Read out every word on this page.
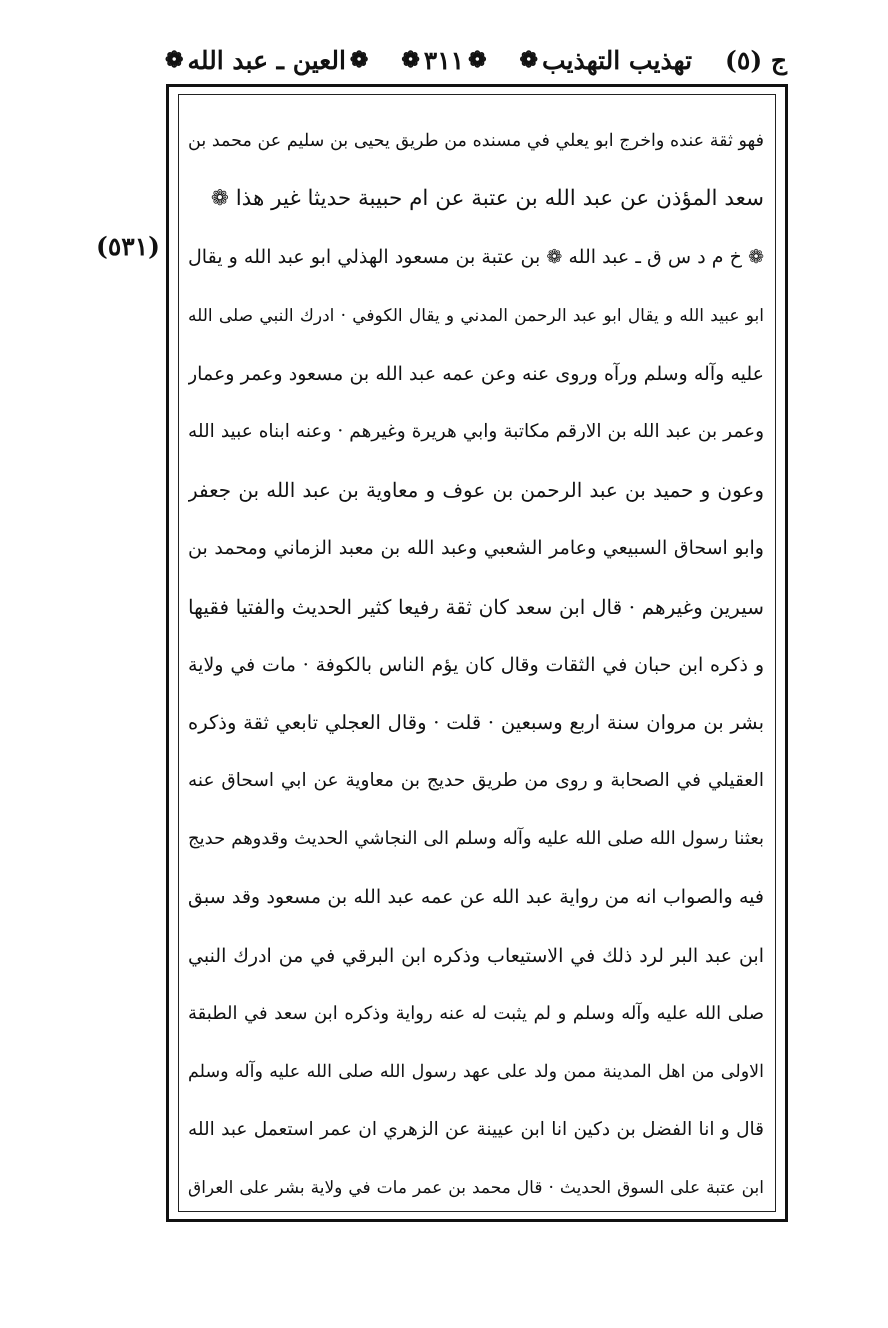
ج (٥)
تهذيب التهذيب
❁
❁
٣١١
❁
❁
العين ـ عبد الله
❁
(٥٣١)
فهو ثقة عنده واخرج ابو يعلي في مسنده من طريق يحيى بن سليم عن محمد بن
سعد المؤذن عن عبد الله بن عتبة عن ام حبيبة حديثا غير هذا ❁
❁ خ م د س ق ـ عبد الله ❁ بن عتبة بن مسعود الهذلي ابو عبد الله و يقال
ابو عبيد الله و يقال ابو عبد الرحمن المدني و يقال الكوفي · ادرك النبي صلى الله
عليه وآله وسلم ورآه وروى عنه وعن عمه عبد الله بن مسعود وعمر وعمار
وعمر بن عبد الله بن الارقم مكاتبة وابي هريرة وغيرهم · وعنه ابناه عبيد الله
وعون و حميد بن عبد الرحمن بن عوف و معاوية بن عبد الله بن جعفر
وابو اسحاق السبيعي وعامر الشعبي وعبد الله بن معبد الزماني ومحمد بن
سيرين وغيرهم · قال ابن سعد كان ثقة رفيعا كثير الحديث والفتيا فقيها
و ذكره ابن حبان في الثقات وقال كان يؤم الناس بالكوفة · مات في ولاية
بشر بن مروان سنة اربع وسبعين · قلت · وقال العجلي تابعي ثقة وذكره
العقيلي في الصحابة و روى من طريق حديج بن معاوية عن ابي اسحاق عنه
بعثنا رسول الله صلى الله عليه وآله وسلم الى النجاشي الحديث وقدوهم حديج
فيه والصواب انه من رواية عبد الله عن عمه عبد الله بن مسعود وقد سبق
ابن عبد البر لرد ذلك في الاستيعاب وذكره ابن البرقي في من ادرك النبي
صلى الله عليه وآله وسلم و لم يثبت له عنه رواية وذكره ابن سعد في الطبقة
الاولى من اهل المدينة ممن ولد على عهد رسول الله صلى الله عليه وآله وسلم
قال و انا الفضل بن دكين انا ابن عيينة عن الزهري ان عمر استعمل عبد الله
ابن عتبة على السوق الحديث · قال محمد بن عمر مات في ولاية بشر على العراق
